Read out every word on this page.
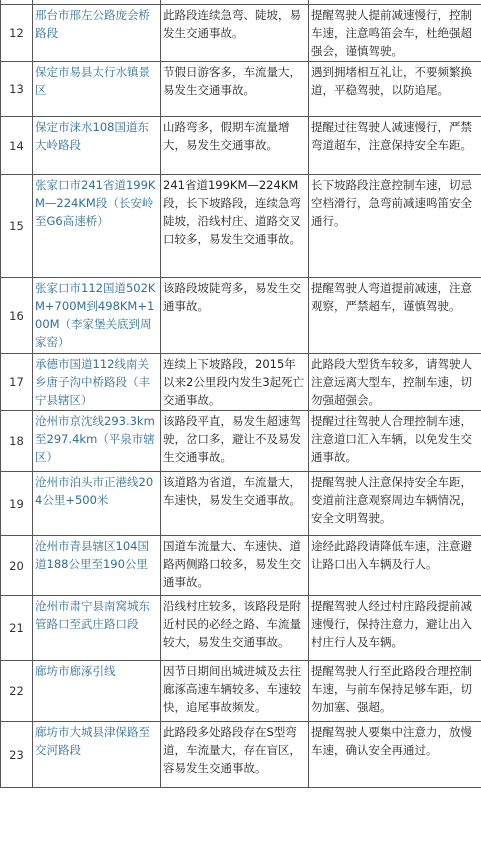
12	邢台市邢左公路庞会桥路段	此路段连续急弯、陡坡，易发生交通事故。	提醒驾驶人提前减速慢行，控制车速，注意鸣笛会车，杜绝强超强会，谨慎驾驶。
13	保定市易县太行水镇景区	节假日游客多，车流量大，易发生交通事故。	遇到拥堵相互礼让，不要频繁换道，平稳驾驶，以防追尾。
14	保定市涞水108国道东大岭路段	山路弯多，假期车流量增大，易发生交通事故。	提醒过往驾驶人减速慢行，严禁弯道超车，注意保持安全车距。
15	张家口市241省道199KM—224KM段（长安岭至G6高速桥）	241省道199KM—224KM段，长下坡路段，连续急弯陡坡，沿线村庄、道路交叉口较多，易发生交通事故。	长下坡路段注意控制车速，切忌空档滑行，急弯前减速鸣笛安全通行。
16	张家口市112国道502KM+700M到498KM+100M（李家堡关底到周家窑）	该路段坡陡弯多，易发生交通事故。	提醒驾驶人弯道提前减速，注意观察，严禁超车，谨慎驾驶。
17	承德市国道112线南关乡唐子沟中桥路段（丰宁县辖区）	连续上下坡路段，2015年以来2公里段内发生3起死亡交通事故。	此路段大型货车较多，请驾驶人注意远离大型车，控制车速，切勿强超强会。
18	沧州市京沈线293.3km至297.4km（平泉市辖区）	该路段平直，易发生超速驾驶，岔口多，避让不及易发生交通事故。	提醒过往驾驶人合理控制车速，注意道口汇入车辆，以免发生交通事故。
19	沧州市泊头市正港线204公里+500米	该道路为省道，车流量大，车速快，易发生交通事故。	提醒驾驶人注意保持安全车距，变道前注意观察周边车辆情况，安全文明驾驶。
20	沧州市青县辖区104国道188公里至190公里	国道车流量大、车速快、道路两侧路口较多，易发生交通事故。	途经此路段请降低车速，注意避让路口出入车辆及行人。
21	沧州市肃宁县南窝城东管路口至武庄路口段	沿线村庄较多，该路段是附近村民的必经之路、车流量较大，易发生交通事故。	提醒驾驶人经过村庄路段提前减速慢行，保持注意力，避让出入村庄行人及车辆。
22	廊坊市廊涿引线	因节日期间出城进城及去往廊涿高速车辆较多、车速较快，追尾事故频发。	提醒驾驶人行至此路段合理控制车速，与前车保持足够车距，切勿加塞、强超。
23	廊坊市大城县津保路至交河路段	此路段多处路段存在S型弯道，车流量大，存在盲区，容易发生交通事故。	提醒驾驶人要集中注意力，放慢车速，确认安全再通过。
